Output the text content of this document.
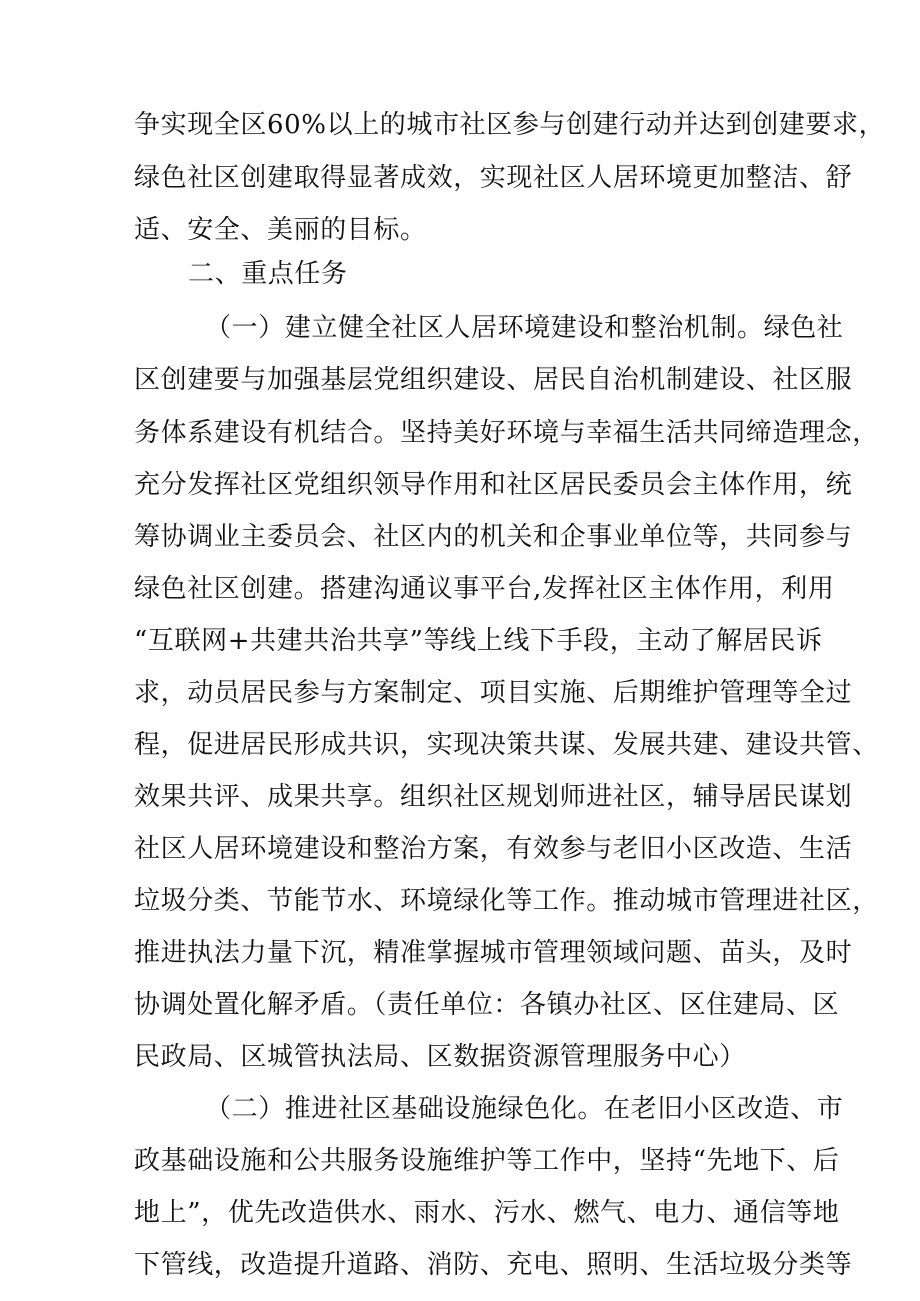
争实现全区60%以上的城市社区参与创建行动并达到创建要求，
绿色社区创建取得显著成效，实现社区人居环境更加整洁、舒
适、安全、美丽的目标。
二、重点任务
（一）建立健全社区人居环境建设和整治机制。绿色社
区创建要与加强基层党组织建设、居民自治机制建设、社区服
务体系建设有机结合。坚持美好环境与幸福生活共同缔造理念，
充分发挥社区党组织领导作用和社区居民委员会主体作用，统
筹协调业主委员会、社区内的机关和企事业单位等，共同参与
绿色社区创建。搭建沟通议事平台,发挥社区主体作用，利用
“互联网+共建共治共享”等线上线下手段，主动了解居民诉
求，动员居民参与方案制定、项目实施、后期维护管理等全过
程，促进居民形成共识，实现决策共谋、发展共建、建设共管、
效果共评、成果共享。组织社区规划师进社区，辅导居民谋划
社区人居环境建设和整治方案，有效参与老旧小区改造、生活
垃圾分类、节能节水、环境绿化等工作。推动城市管理进社区，
推进执法力量下沉，精准掌握城市管理领域问题、苗头，及时
协调处置化解矛盾。（责任单位：各镇办社区、区住建局、区
民政局、区城管执法局、区数据资源管理服务中心）
（二）推进社区基础设施绿色化。在老旧小区改造、市
政基础设施和公共服务设施维护等工作中，坚持“先地下、后
地上”，优先改造供水、雨水、污水、燃气、电力、通信等地
下管线，改造提升道路、消防、充电、照明、生活垃圾分类等
